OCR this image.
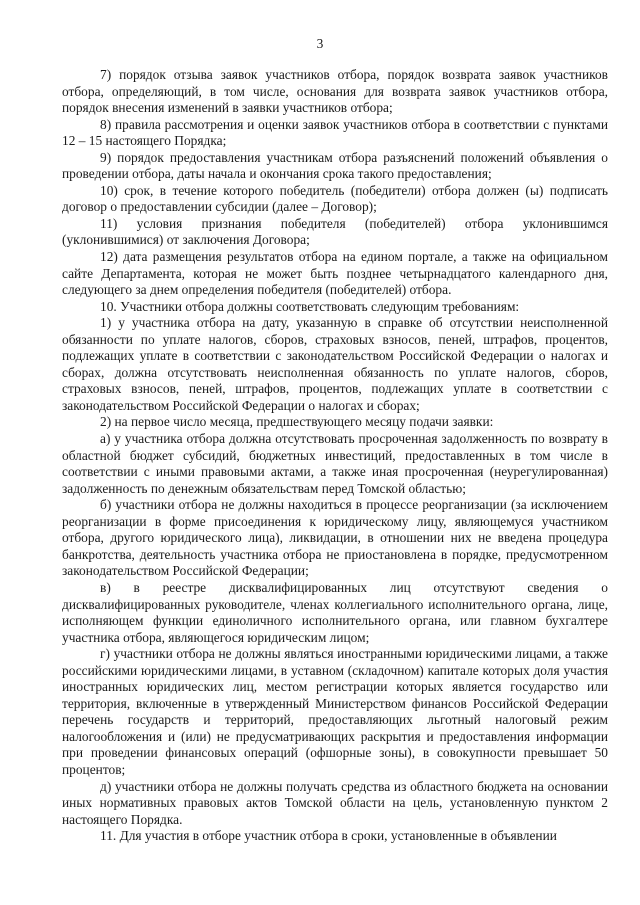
3

7) порядок отзыва заявок участников отбора, порядок возврата заявок участников отбора, определяющий, в том числе, основания для возврата заявок участников отбора, порядок внесения изменений в заявки участников отбора;

8) правила рассмотрения и оценки заявок участников отбора в соответствии с пунктами 12 – 15 настоящего Порядка;

9) порядок предоставления участникам отбора разъяснений положений объявления о проведении отбора, даты начала и окончания срока такого предоставления;

10) срок, в течение которого победитель (победители) отбора должен (ы) подписать договор о предоставлении субсидии (далее – Договор);

11) условия признания победителя (победителей) отбора уклонившимся (уклонившимися) от заключения Договора;

12) дата размещения результатов отбора на едином портале, а также на официальном сайте Департамента, которая не может быть позднее четырнадцатого календарного дня, следующего за днем определения победителя (победителей) отбора.

10. Участники отбора должны соответствовать следующим требованиям:

1) у участника отбора на дату, указанную в справке об отсутствии неисполненной обязанности по уплате налогов, сборов, страховых взносов, пеней, штрафов, процентов, подлежащих уплате в соответствии с законодательством Российской Федерации о налогах и сборах, должна отсутствовать неисполненная обязанность по уплате налогов, сборов, страховых взносов, пеней, штрафов, процентов, подлежащих уплате в соответствии с законодательством Российской Федерации о налогах и сборах;

2) на первое число месяца, предшествующего месяцу подачи заявки:

а) у участника отбора должна отсутствовать просроченная задолженность по возврату в областной бюджет субсидий, бюджетных инвестиций, предоставленных в том числе в соответствии с иными правовыми актами, а также иная просроченная (неурегулированная) задолженность по денежным обязательствам перед Томской областью;

б) участники отбора не должны находиться в процессе реорганизации (за исключением реорганизации в форме присоединения к юридическому лицу, являющемуся участником отбора, другого юридического лица), ликвидации, в отношении них не введена процедура банкротства, деятельность участника отбора не приостановлена в порядке, предусмотренном законодательством Российской Федерации;

в) в реестре дисквалифицированных лиц отсутствуют сведения о дисквалифицированных руководителе, членах коллегиального исполнительного органа, лице, исполняющем функции единоличного исполнительного органа, или главном бухгалтере участника отбора, являющегося юридическим лицом;

г) участники отбора не должны являться иностранными юридическими лицами, а также российскими юридическими лицами, в уставном (складочном) капитале которых доля участия иностранных юридических лиц, местом регистрации которых является государство или территория, включенные в утвержденный Министерством финансов Российской Федерации перечень государств и территорий, предоставляющих льготный налоговый режим налогообложения и (или) не предусматривающих раскрытия и предоставления информации при проведении финансовых операций (офшорные зоны), в совокупности превышает 50 процентов;

д) участники отбора не должны получать средства из областного бюджета на основании иных нормативных правовых актов Томской области на цель, установленную пунктом 2 настоящего Порядка.

11. Для участия в отборе участник отбора в сроки, установленные в объявлении
